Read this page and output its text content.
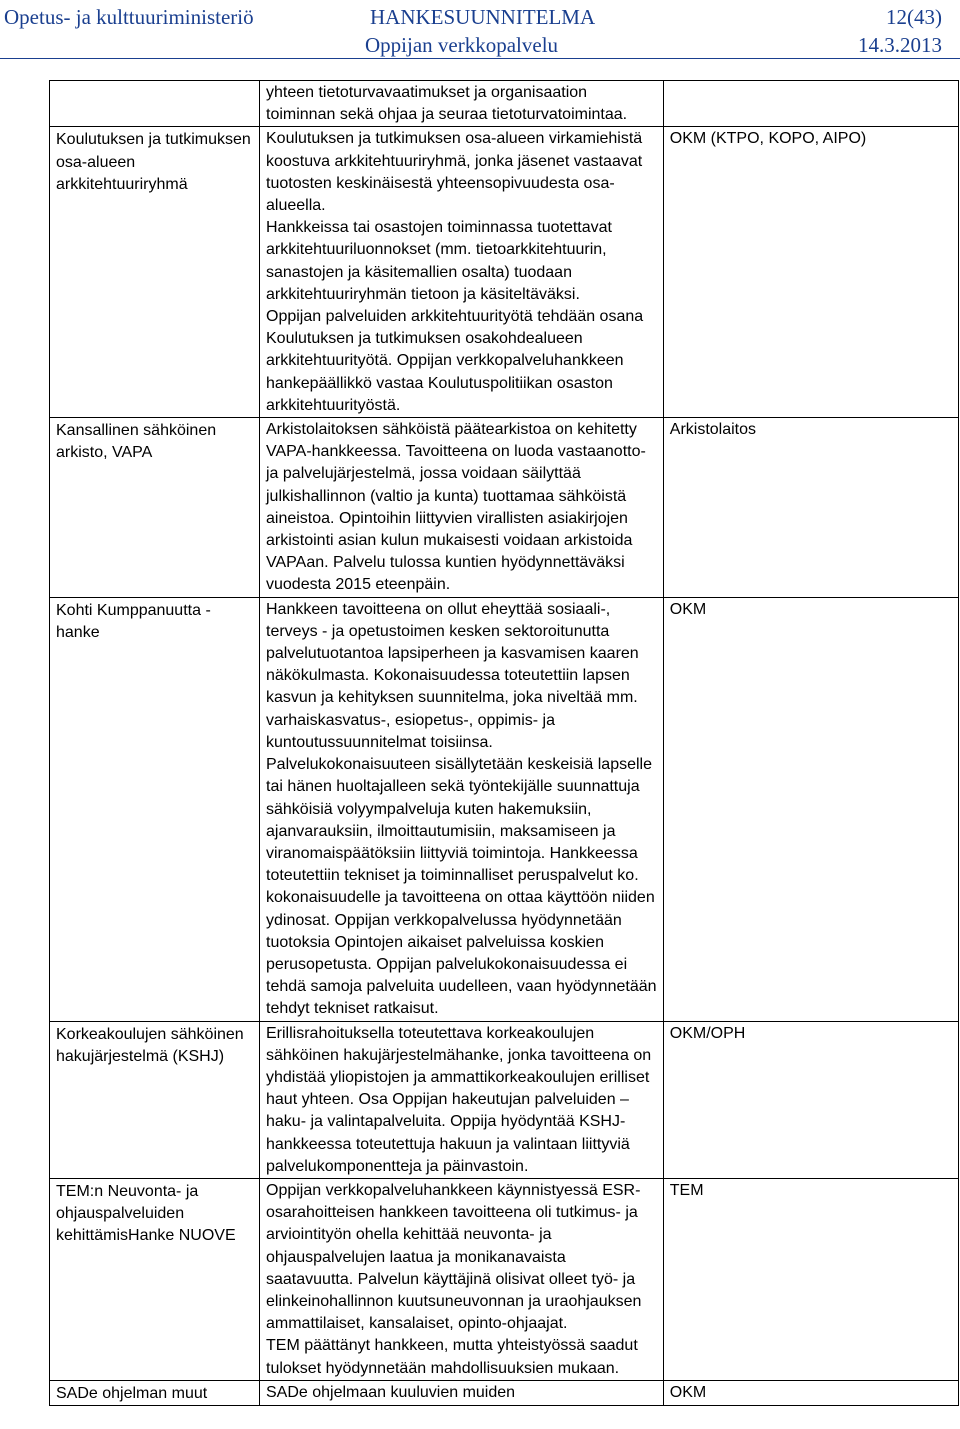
Opetus- ja kulttuuriministeriö	HANKESUUNNITELMA	12(43)
Oppijan verkkopalvelu	14.3.2013

	yhteen tietoturvavaatimukset ja organisaation toiminnan sekä ohjaa ja seuraa tietoturvatoimintaa.	

Koulutuksen ja tutkimuksen osa-alueen arkkitehtuuriryhmä	Koulutuksen ja tutkimuksen osa-alueen virkamiehistä koostuva arkkitehtuuriryhmä, jonka jäsenet vastaavat tuotosten keskinäisestä yhteensopivuudesta osa-alueella.
Hankkeissa tai osastojen toiminnassa tuotettavat arkkitehtuuriluonnokset (mm. tietoarkkitehtuurin, sanastojen ja käsitemallien osalta) tuodaan arkkitehtuuriryhmän tietoon ja käsiteltäväksi.
Oppijan palveluiden arkkitehtuurityötä tehdään osana Koulutuksen ja tutkimuksen osakohdealueen arkkitehtuurityötä. Oppijan verkkopalveluhankkeen hankepäällikkö vastaa Koulutuspolitiikan osaston arkkitehtuurityöstä.	OKM (KTPO, KOPO, AIPO)
Kansallinen sähköinen arkisto, VAPA	Arkistolaitoksen sähköistä päätearkistoa on kehitetty VAPA-hankkeessa. Tavoitteena on luoda vastaanotto-ja palvelujärjestelmä, jossa voidaan säilyttää julkishallinnon (valtio ja kunta) tuottamaa sähköistä aineistoa. Opintoihin liittyvien virallisten asiakirjojen arkistointi asian kulun mukaisesti voidaan arkistoida VAPAan. Palvelu tulossa kuntien hyödynnettäväksi vuodesta 2015 eteenpäin.	Arkistolaitos
Kohti Kumppanuutta -hanke	Hankkeen tavoitteena on ollut eheyttää sosiaali-, terveys - ja opetustoimen kesken sektoroitunutta palvelutuotantoa lapsiperheen ja kasvamisen kaaren näkökulmasta. Kokonaisuudessa toteutettiin lapsen kasvun ja kehityksen suunnitelma, joka niveltää mm. varhaiskasvatus-, esiopetus-, oppimis- ja kuntoutussuunnitelmat toisiinsa.
Palvelukokonaisuuteen sisällytetään keskeisiä lapselle tai hänen huoltajalleen sekä työntekijälle suunnattuja sähköisiä volyympalveluja kuten hakemuksiin, ajanvarauksiin, ilmoittautumisiin, maksamiseen ja viranomaispäätöksiin liittyviä toimintoja. Hankkeessa toteutettiin tekniset ja toiminnalliset peruspalvelut ko. kokonaisuudelle ja tavoitteena on ottaa käyttöön niiden ydinosat. Oppijan verkkopalvelussa hyödynnetään tuotoksia Opintojen aikaiset palveluissa koskien perusopetusta. Oppijan palvelukokonaisuudessa ei tehdä samoja palveluita uudelleen, vaan hyödynnetään tehdyt tekniset ratkaisut.	OKM
Korkeakoulujen sähköinen hakujärjestelmä (KSHJ)	Erillisrahoituksella toteutettava korkeakoulujen sähköinen hakujärjestelmähanke, jonka tavoitteena on yhdistää yliopistojen ja ammattikorkeakoulujen erilliset haut yhteen. Osa Oppijan hakeutujan palveluiden – haku- ja valintapalveluita. Oppija hyödyntää KSHJ-hankkeessa toteutettuja hakuun ja valintaan liittyviä palvelukomponentteja ja päinvastoin.	OKM/OPH
TEM:n Neuvonta- ja ohjauspalveluiden kehittämisHanke NUOVE	Oppijan verkkopalveluhankkeen käynnistyessä ESR-osarahoitteisen hankkeen tavoitteena oli tutkimus- ja arviointityön ohella kehittää neuvonta- ja ohjauspalvelujen laatua ja monikanavaista saatavuutta. Palvelun käyttäjinä olisivat olleet työ- ja elinkeinohallinnon kuutsuneuvonnan ja uraohjauksen ammattilaiset, kansalaiset, opinto-ohjaajat.
TEM päättänyt hankkeen, mutta yhteistyössä saadut tulokset hyödynnetään mahdollisuuksien mukaan.	TEM
SADe ohjelman muut	SADe ohjelmaan kuuluvien muiden	OKM
